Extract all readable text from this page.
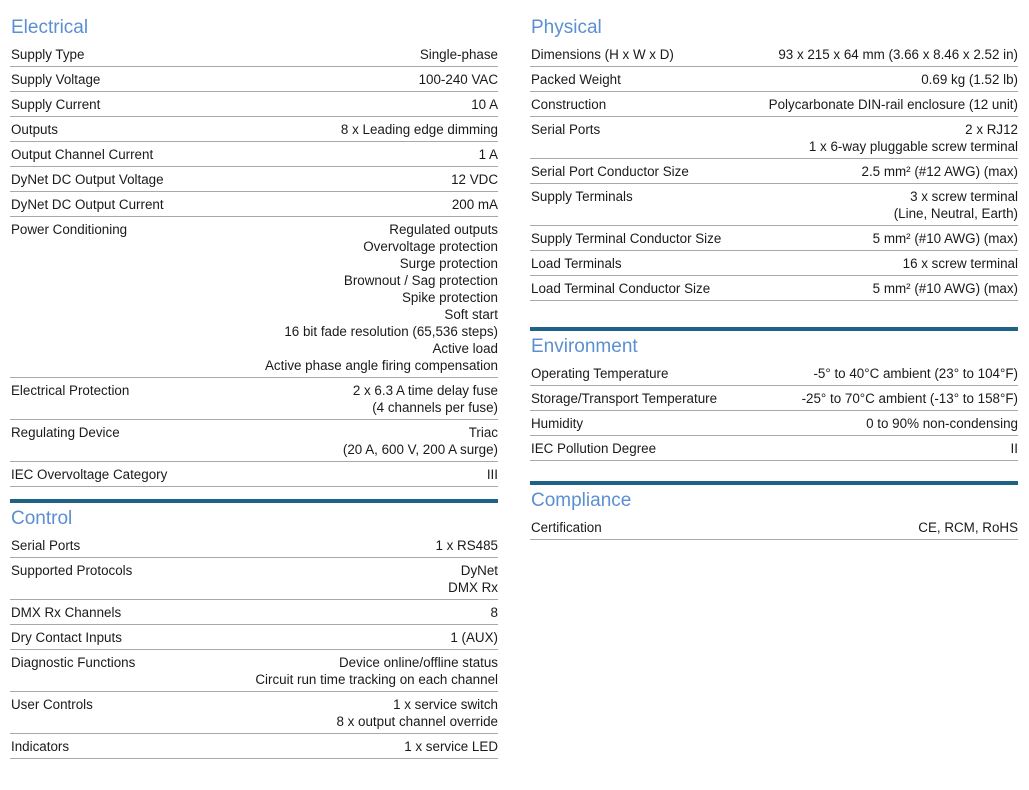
Electrical
Supply Type	Single-phase
Supply Voltage	100-240 VAC
Supply Current	10 A
Outputs	8 x Leading edge dimming
Output Channel Current	1 A
DyNet DC Output Voltage	12 VDC
DyNet DC Output Current	200 mA
Power Conditioning	Regulated outputs
Overvoltage protection
Surge protection
Brownout / Sag protection
Spike protection
Soft start
16 bit fade resolution (65,536 steps)
Active load
Active phase angle firing compensation
Electrical Protection	2 x 6.3 A time delay fuse
(4 channels per fuse)
Regulating Device	Triac
(20 A, 600 V, 200 A surge)
IEC Overvoltage Category	III
Control
Serial Ports	1 x RS485
Supported Protocols	DyNet
DMX Rx
DMX Rx Channels	8
Dry Contact Inputs	1 (AUX)
Diagnostic Functions	Device online/offline status
Circuit run time tracking on each channel
User Controls	1 x service switch
8 x output channel override
Indicators	1 x service LED
Physical
Dimensions (H x W x D)	93 x 215 x 64 mm (3.66 x 8.46 x 2.52 in)
Packed Weight	0.69 kg (1.52 lb)
Construction	Polycarbonate DIN-rail enclosure (12 unit)
Serial Ports	2 x RJ12
1 x 6-way pluggable screw terminal
Serial Port Conductor Size	2.5 mm² (#12 AWG) (max)
Supply Terminals	3 x screw terminal
(Line, Neutral, Earth)
Supply Terminal Conductor Size	5 mm² (#10 AWG) (max)
Load Terminals	16 x screw terminal
Load Terminal Conductor Size	5 mm² (#10 AWG) (max)
Environment
Operating Temperature	-5° to 40°C ambient (23° to 104°F)
Storage/Transport Temperature	-25° to 70°C ambient (-13° to 158°F)
Humidity	0 to 90% non-condensing
IEC Pollution Degree	II
Compliance
Certification	CE, RCM, RoHS
